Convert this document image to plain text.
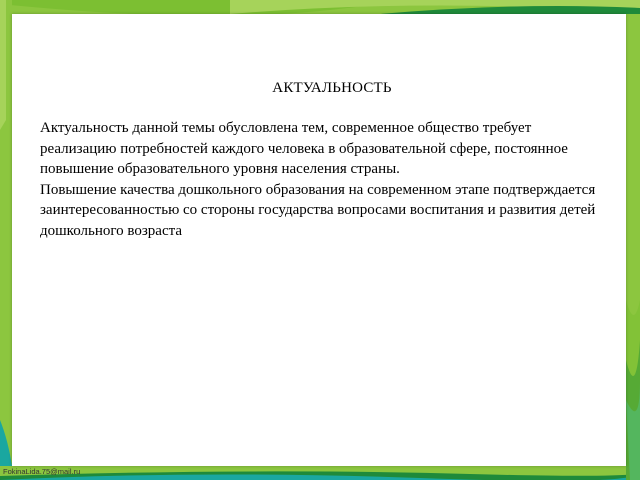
АКТУАЛЬНОСТЬ

Актуальность данной темы обусловлена тем, современное общество требует реализацию потребностей каждого человека в образовательной сфере, постоянное повышение образовательного уровня населения страны.

Повышение качества дошкольного образования на современном этапе подтверждается заинтересованностью со стороны государства вопросами воспитания и развития детей дошкольного возраста

FokinaLida.75@mail.ru
